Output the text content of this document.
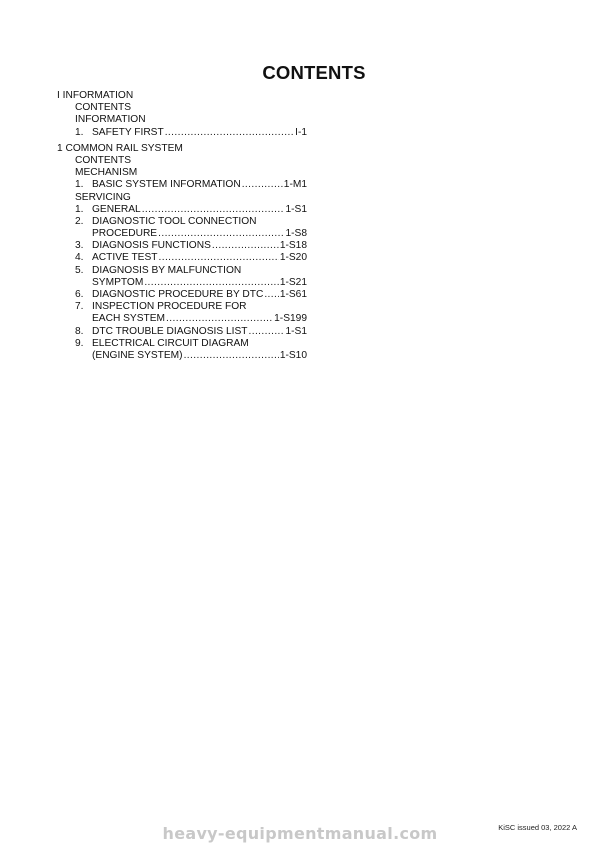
CONTENTS
I INFORMATION
CONTENTS
INFORMATION
1. SAFETY FIRST .....	I-1
1 COMMON RAIL SYSTEM
CONTENTS
MECHANISM
1. BASIC SYSTEM INFORMATION .....	1-M1
SERVICING
1. GENERAL .....	1-S1
2. DIAGNOSTIC TOOL CONNECTION
PROCEDURE .....	1-S8
3. DIAGNOSIS FUNCTIONS .....	1-S18
4. ACTIVE TEST .....	1-S20
5. DIAGNOSIS BY MALFUNCTION
SYMPTOM .....	1-S21
6. DIAGNOSTIC PROCEDURE BY DTC ..... 1-S61
7. INSPECTION PROCEDURE FOR
EACH SYSTEM .....	1-S199
8. DTC TROUBLE DIAGNOSIS LIST .....	1-S1
9. ELECTRICAL CIRCUIT DIAGRAM
(ENGINE SYSTEM) .....	1-S10
heavy-equipmentmanual.com	KiSC issued 03, 2022 A
